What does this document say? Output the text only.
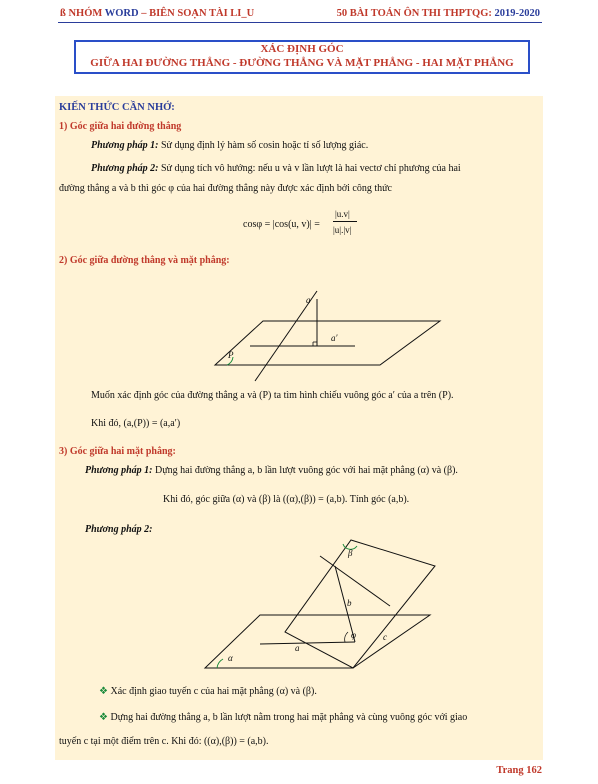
ß NHÓM WORD – BIÊN SOẠN TÀI LI_U	50 BÀI TOÁN ÔN THI THPTQG: 2019-2020
XÁC ĐỊNH GÓC
GIỮA HAI ĐƯỜNG THẲNG - ĐƯỜNG THẲNG VÀ MẶT PHẲNG - HAI MẶT PHẲNG
KIẾN THỨC CẦN NHỚ:
1) Góc giữa hai đường thẳng
Phương pháp 1: Sử dụng định lý hàm số cosin hoặc tỉ số lượng giác.
Phương pháp 2: Sử dụng tích vô hướng: nếu u và v lần lượt là hai vectơ chỉ phương của hai
đường thẳng a và b thì góc φ của hai đường thẳng này được xác định bởi công thức
cosφ = |cos(u, v)| =
|u.v|
|u|.|v|
2) Góc giữa đường thẳng và mặt phẳng:
a
a′
P
Muốn xác định góc của đường thẳng a và (P) ta tìm hình chiếu vuông góc a′ của a trên (P).
Khi đó, (a,(P)) = (a,a′)
3) Góc giữa hai mặt phẳng:
Phương pháp 1: Dựng hai đường thẳng a, b lần lượt vuông góc với hai mặt phẳng (α) và (β).
Khi đó, góc giữa (α) và (β) là ((α),(β)) = (a,b). Tính góc (a,b).
Phương pháp 2:
β
b
φ	c
a
α
❖ Xác định giao tuyến c của hai mặt phẳng (α) và (β).
❖ Dựng hai đường thẳng a, b lần lượt nằm trong hai mặt phẳng và cùng vuông góc với giao
tuyến c tại một điểm trên c. Khi đó: ((α),(β)) = (a,b).
Trang 162
